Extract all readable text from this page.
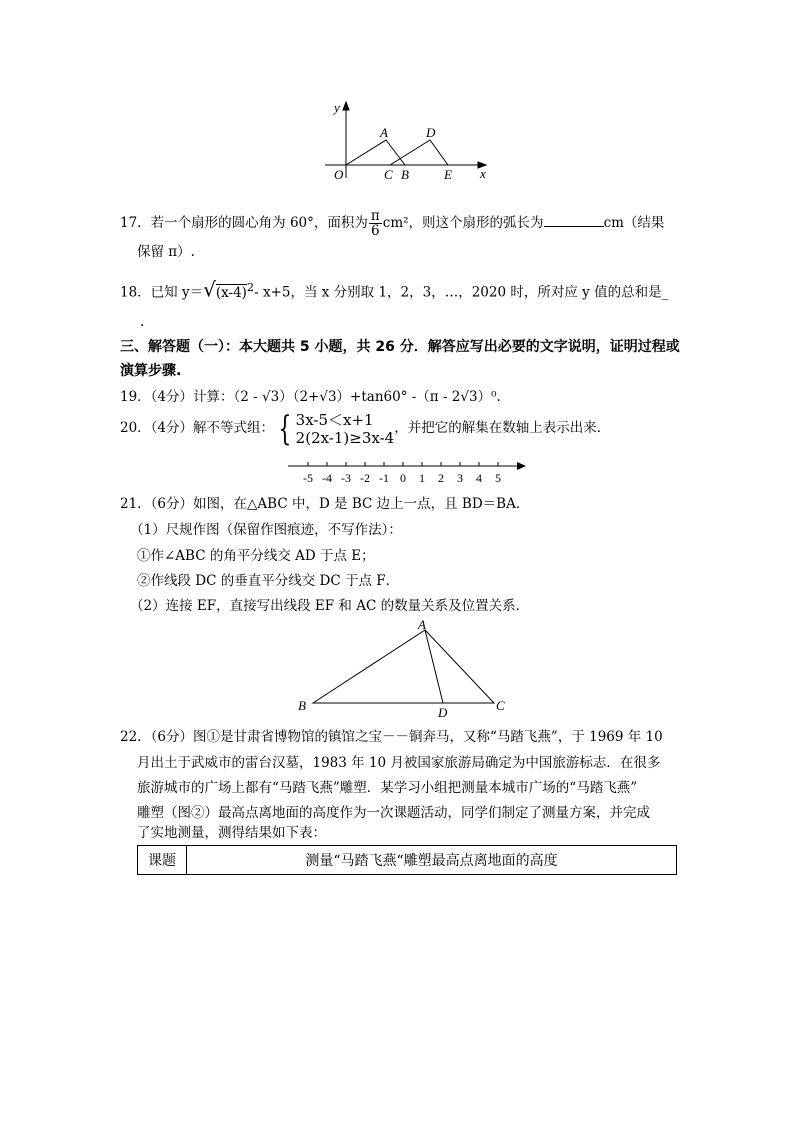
y
x
O
A
C B
D
E
17．若一个扇形的圆心角为 60°，面积为 $\frac{\pi}{6} cm^2$，则这个扇形的弧长为	cm（结果
保留 π）.
18．已知 $y=√(x-4)^2-$ x+5，当 x 分别取 1，2，3，…，2020 时，所对应 y 值的总和是_
.
三、解答题（一）：本大题共 5 小题，共 26 分．解答应写出必要的文字说明，证明过程或
演算步骤.
19．（4分）计算：（2 - √3）（2+√3）+tan60° -（π - 2√3）⁰.
20．（4分）解不等式组： { 3x-5＜x+1
2(2x-1)≥3x-4
，并把它的解集在数轴上表示出来．
-5 -4 -3 -2 -1 0 1 2 3 4 5
21．（6分）如图，在△ABC 中，D 是 BC 边上一点，且 BD＝BA．
（1）尺规作图（保留作图痕迹，不写作法）：
①作∠ABC 的角平分线交 AD 于点 E；
②作线段 DC 的垂直平分线交 DC 于点 F．
（2）连接 EF，直接写出线段 EF 和 AC 的数量关系及位置关系．
A
B	C
D
22．（6分）图①是甘肃省博物馆的镇馆之宝－－铜奔马，又称“马踏飞燕”，于 1969 年 10
月出土于武威市的雷台汉墓，1983 年 10 月被国家旅游局确定为中国旅游标志．在很多
旅游城市的广场上都有“马踏飞燕”雕塑．某学习小组把测量本城市广场的“马踏飞燕”
雕塑（图②）最高点离地面的高度作为一次课题活动，同学们制定了测量方案，并完成
了实地测量，测得结果如下表：
课题	测量“马踏飞燕“雕塑最高点离地面的高度
